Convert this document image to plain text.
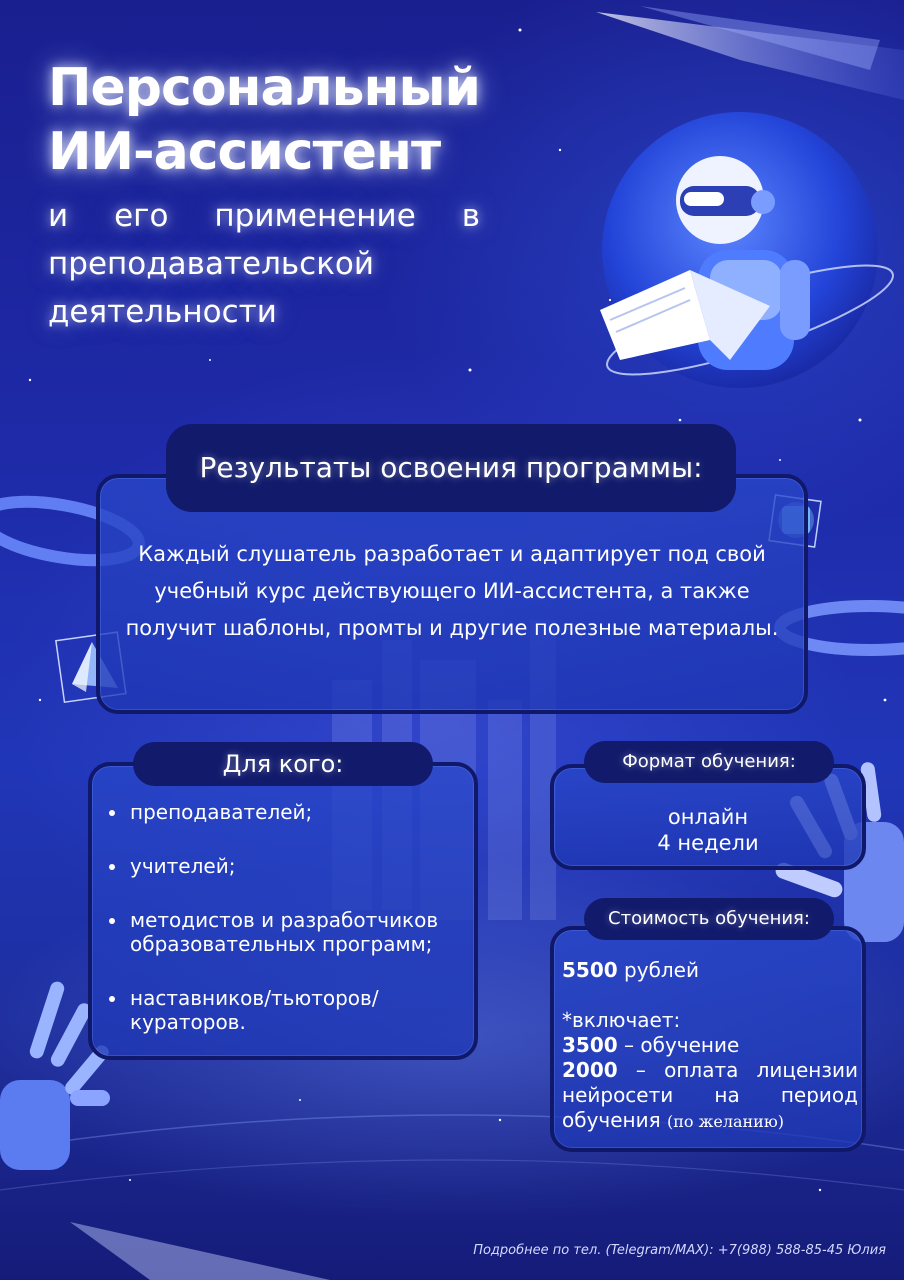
Персональный
ИИ-ассистент
и его применение в преподавательской деятельности
Результаты освоения программы:
Каждый слушатель разработает и адаптирует под свой учебный курс действующего ИИ-ассистента, а также получит шаблоны, промты и другие полезные материалы.
Для кого:
преподавателей;
учителей;
методистов и разработчиков образовательных программ;
наставников/тьюторов/ кураторов.
Формат обучения:
онлайн
4 недели
Стоимость обучения:
5500 рублей
*включает:
3500 – обучение
2000 – оплата лицензии нейросети на период обучения (по желанию)
Подробнее по тел. (Telegram/MAX): +7(988) 588-85-45 Юлия
